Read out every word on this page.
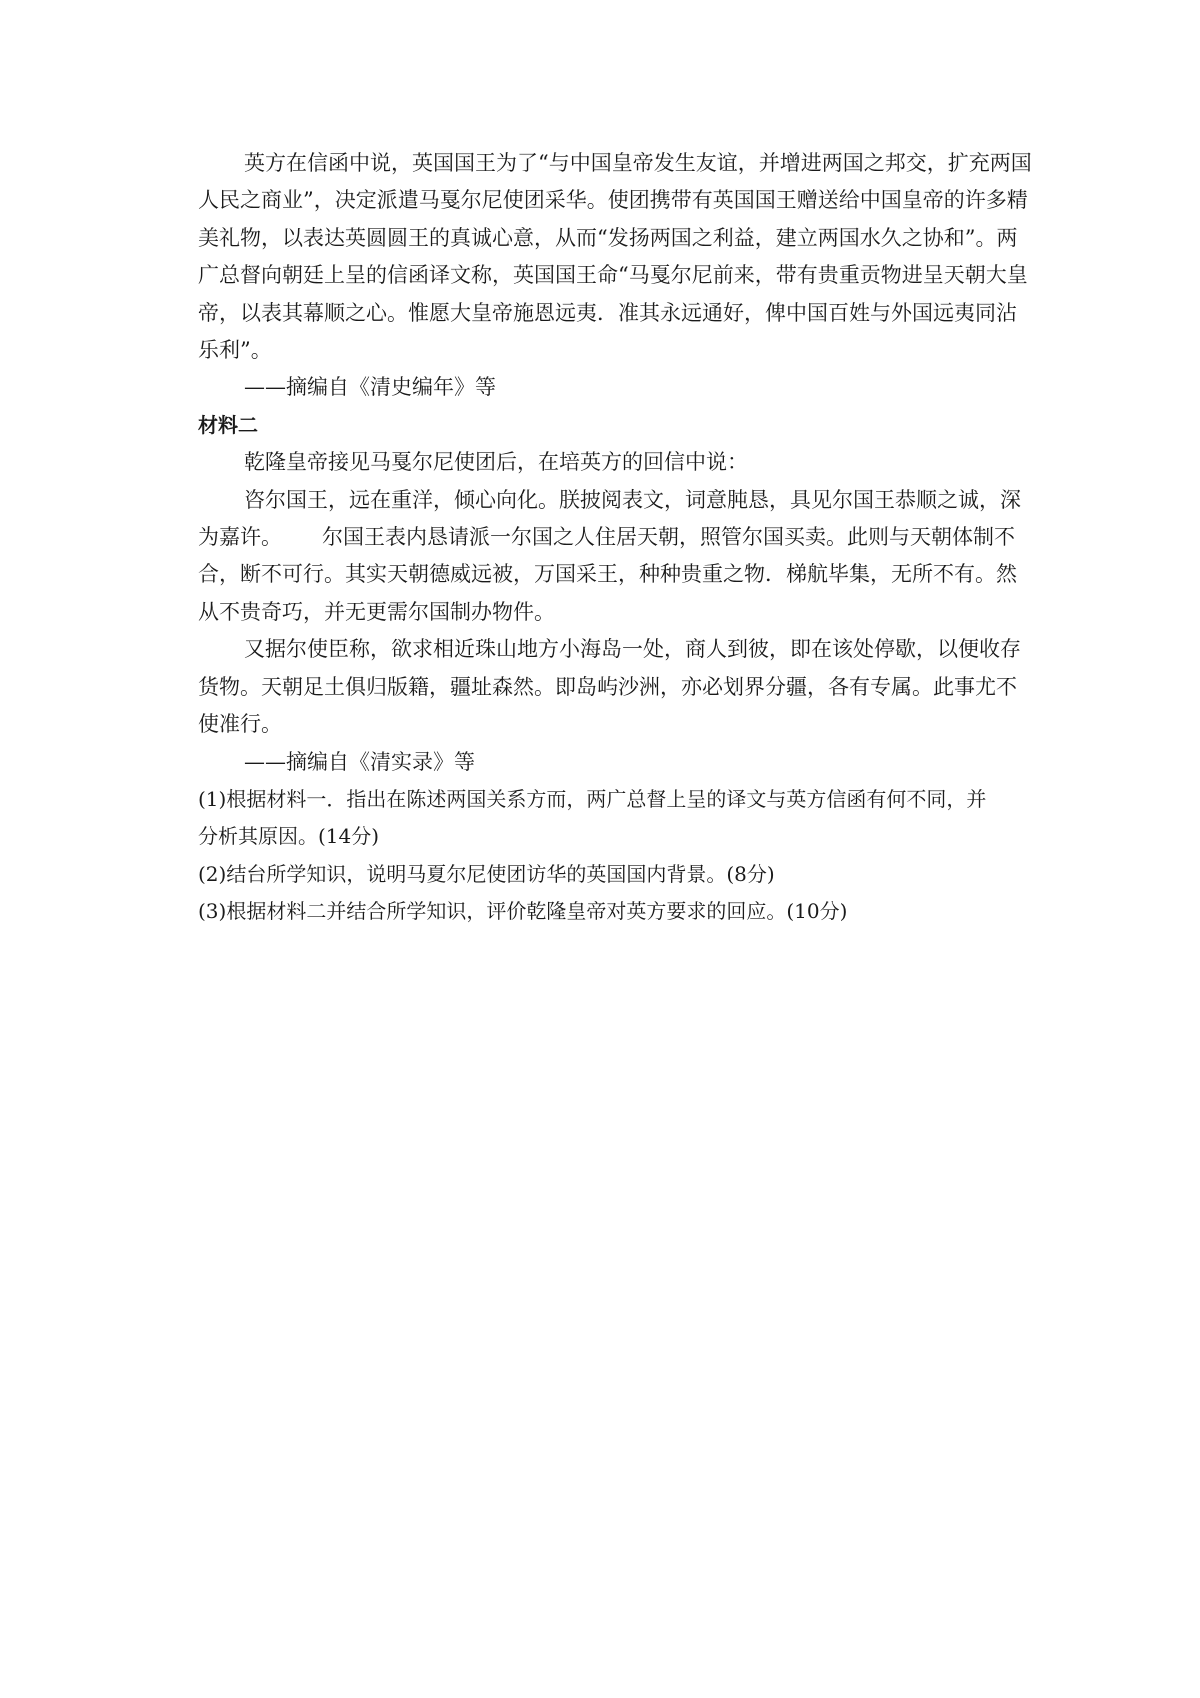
英方在信函中说，英国国王为了“与中国皇帝发生友谊，并增进两国之邦交，扩充两国

人民之商业”，决定派遣马戛尔尼使团采华。使团携带有英国国王赠送给中国皇帝的许多精

美礼物，以表达英圆圆王的真诚心意，从而“发扬两国之利益，建立两国水久之协和”。两

广总督向朝廷上呈的信函译文称，英国国王命“马戛尔尼前来，带有贵重贡物进呈天朝大皇

帝，以表其幕顺之心。惟愿大皇帝施恩远夷．准其永远通好，俾中国百姓与外国远夷同沾

乐利”。

——摘编自《清史编年》等

材料二

乾隆皇帝接见马戛尔尼使团后，在培英方的回信中说：

咨尔国王，远在重洋，倾心向化。朕披阅表文，词意肫恳，具见尔国王恭顺之诚，深

为嘉许。      尔国王表内恳请派一尔国之人住居天朝，照管尔国买卖。此则与天朝体制不

合，断不可行。其实天朝德威远被，万国采王，种种贵重之物．梯航毕集，无所不有。然

从不贵奇巧，并无更需尔国制办物件。

又据尔使臣称，欲求相近珠山地方小海岛一处，商人到彼，即在该处停歇，以便收存

货物。天朝足土俱归版籍，疆址森然。即岛屿沙洲，亦必划界分疆，各有专属。此事尤不

使准行。

——摘编自《清实录》等

(1)根据材料一．指出在陈述两国关系方而，两广总督上呈的译文与英方信函有何不同，并

分析其原因。(14分)

(2)结台所学知识，说明马夏尔尼使团访华的英国国内背景。(8分)

(3)根据材料二并结合所学知识，评价乾隆皇帝对英方要求的回应。(10分)
